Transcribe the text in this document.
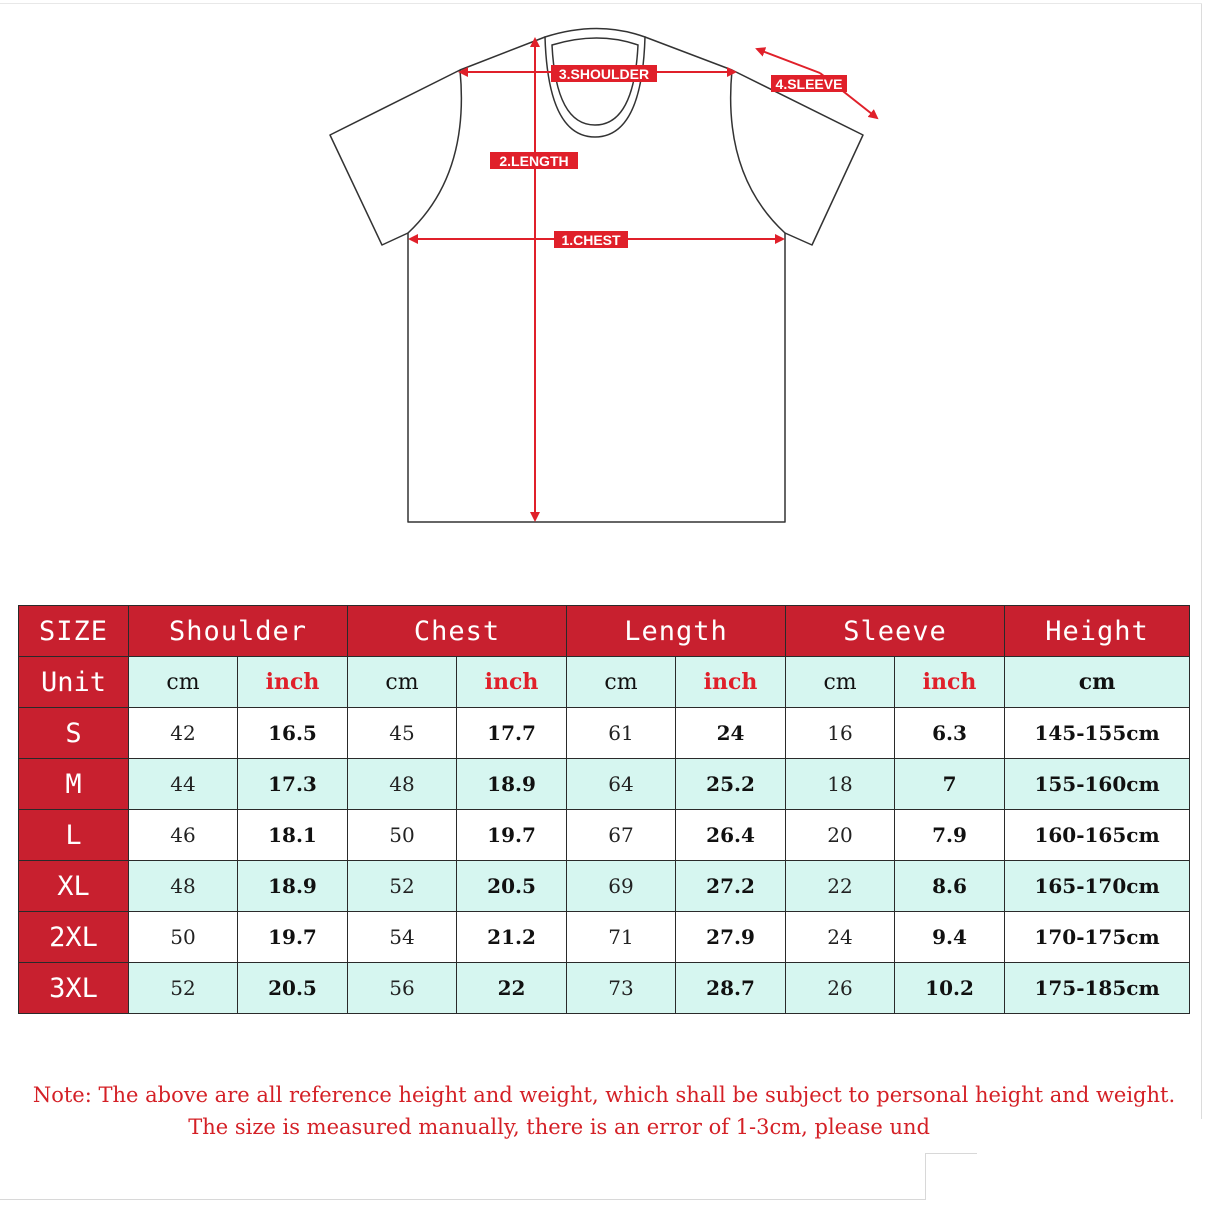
3.SHOULDER
4.SLEEVE
2.LENGTH
1.CHEST
SIZE	Shoulder		Chest		Length		Sleeve		Height
Unit	cm	inch	cm	inch	cm	inch	cm	inch	cm
S	42	16.5	45	17.7	61	24	16	6.3	145-155cm
M	44	17.3	48	18.9	64	25.2	18	7	155-160cm
L	46	18.1	50	19.7	67	26.4	20	7.9	160-165cm
XL	48	18.9	52	20.5	69	27.2	22	8.6	165-170cm
2XL	50	19.7	54	21.2	71	27.9	24	9.4	170-175cm
3XL	52	20.5	56	22	73	28.7	26	10.2	175-185cm
Note: The above are all reference height and weight, which shall be subject to personal height and weight.
The size is measured manually, there is an error of 1-3cm, please und
